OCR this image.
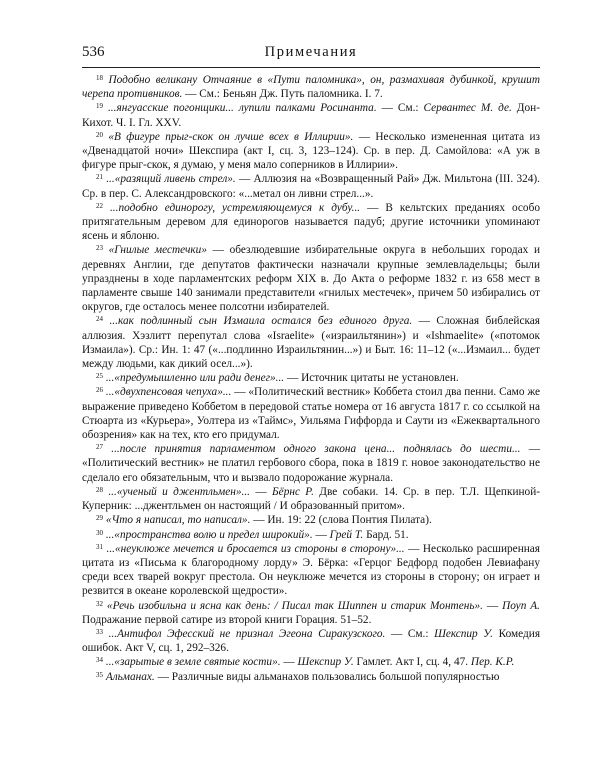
536	Примечания

$^{18}$ Подобно великану Отчаяние в «Пути паломника», он, размахивая дубинкой, крушит черепа противников. — См.: Беньян Дж. Путь паломника. I. 7.

$^{19}$ ...янгуасские погонщики... лупили палками Росинанта. — См.: Сервантес М. де. Дон-Кихот. Ч. I. Гл. XXV.

$^{20}$ «В фигуре прыг-скок он лучше всех в Иллирии». — Несколько измененная цитата из «Двенадцатой ночи» Шекспира (акт I, сц. 3, 123–124). Ср. в пер. Д. Самойлова: «А уж в фигуре прыг-скок, я думаю, у меня мало соперников в Иллирии».

$^{21}$ ...«разящий ливень стрел». — Аллюзия на «Возвращенный Рай» Дж. Мильтона (III. 324). Ср. в пер. С. Александровского: «...метал он ливни стрел...».

$^{22}$ ...подобно единорогу, устремляющемуся к дубу... — В кельтских преданиях особо притягательным деревом для единорогов называется падуб; другие источники упоминают ясень и яблоню.

$^{23}$ «Гнилые местечки» — обезлюдевшие избирательные округа в небольших городах и деревнях Англии, где депутатов фактически назначали крупные землевладельцы; были упразднены в ходе парламентских реформ XIX в. До Акта о реформе 1832 г. из 658 мест в парламенте свыше 140 занимали представители «гнилых местечек», причем 50 избирались от округов, где осталось менее полсотни избирателей.

$^{24}$ ...как подлинный сын Измаила остался без единого друга. — Сложная библейская аллюзия. Хэзлитт перепутал слова «Israelite» («израильтянин») и «Ishmaelite» («потомок Измаила»). Ср.: Ин. 1: 47 («...подлинно Израильтянин...») и Быт. 16: 11–12 («...Измаил... будет между людьми, как дикий осел...»).

$^{25}$ ...«предумышленно или ради денег»... — Источник цитаты не установлен.

$^{26}$ ...«двухпенсовая чепуха»... — «Политический вестник» Коббета стоил два пенни. Само же выражение приведено Коббетом в передовой статье номера от 16 августа 1817 г. со ссылкой на Стюарта из «Курьера», Уолтера из «Таймс», Уильяма Гиффорда и Саути из «Ежеквартального обозрения» как на тех, кто его придумал.

$^{27}$ ...после принятия парламентом одного закона цена... поднялась до шести... — «Политический вестник» не платил гербового сбора, пока в 1819 г. новое законодательство не сделало его обязательным, что и вызвало подорожание журнала.

$^{28}$ ...«ученый и джентльмен»... — Бёрнс Р. Две собаки. 14. Ср. в пер. Т.Л. Щепкиной-Куперник: ...джентльмен он настоящий / И образованный притом».

$^{29}$ «Что я написал, то написал». — Ин. 19: 22 (слова Понтия Пилата).

$^{30}$ ...«пространства волю и предел широкий». — Грей Т. Бард. 51.

$^{31}$ ...«неуклюже мечется и бросается из стороны в сторону»... — Несколько расширенная цитата из «Письма к благородному лорду» Э. Бёрка: «Герцог Бедфорд подобен Левиафану среди всех тварей вокруг престола. Он неуклюже мечется из стороны в сторону; он играет и резвится в океане королевской щедрости».

$^{32}$ «Речь изобильна и ясна как день: / Писал так Шиппен и старик Монтень». — Поуп А. Подражание первой сатире из второй книги Горация. 51–52.

$^{33}$ ...Антифол Эфесский не признал Эгеона Сиракузского. — См.: Шекспир У. Комедия ошибок. Акт V, сц. 1, 292–326.

$^{34}$ ...«зарытые в земле святые кости». — Шекспир У. Гамлет. Акт I, сц. 4, 47. Пер. К.Р.

$^{35}$ Альманах. — Различные виды альманахов пользовались большой популярностью
